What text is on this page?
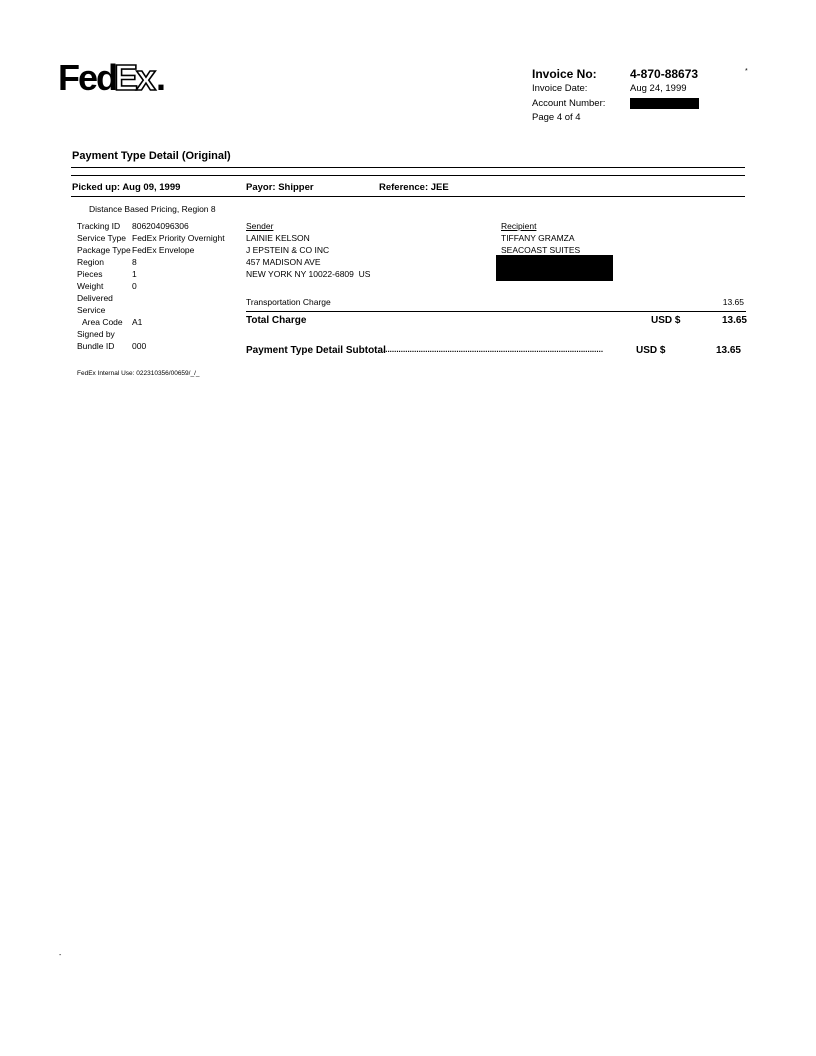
Fed
Ex .	Invoice No:	4-870-88673	*
Invoice Date:	Aug 24, 1999
Account Number:
Page 4 of 4
Payment Type Detail (Original)
Picked up: Aug 09, 1999	Payor: Shipper	Reference: JEE
Distance Based Pricing, Region 8
Tracking ID 806204096306
Service Type FedEx Priority Overnight
Package Type FedEx Envelope
Region	8
Pieces	1
Weight	0
Delivered
Service
Area Code A1
Signed by
Bundle ID 000
Sender
LAINIE KELSON
J EPSTEIN & CO INC
457 MADISON AVE
NEW YORK NY 10022-6809  US
Recipient
TIFFANY GRAMZA
SEACOAST SUITES
Transportation Charge	13.65
Total Charge	USD $	13.65
Payment Type Detail Subtotal
...................................................................................................	USD $	13.65
FedEx Internal Use: 022310356/00659/_/_
-
